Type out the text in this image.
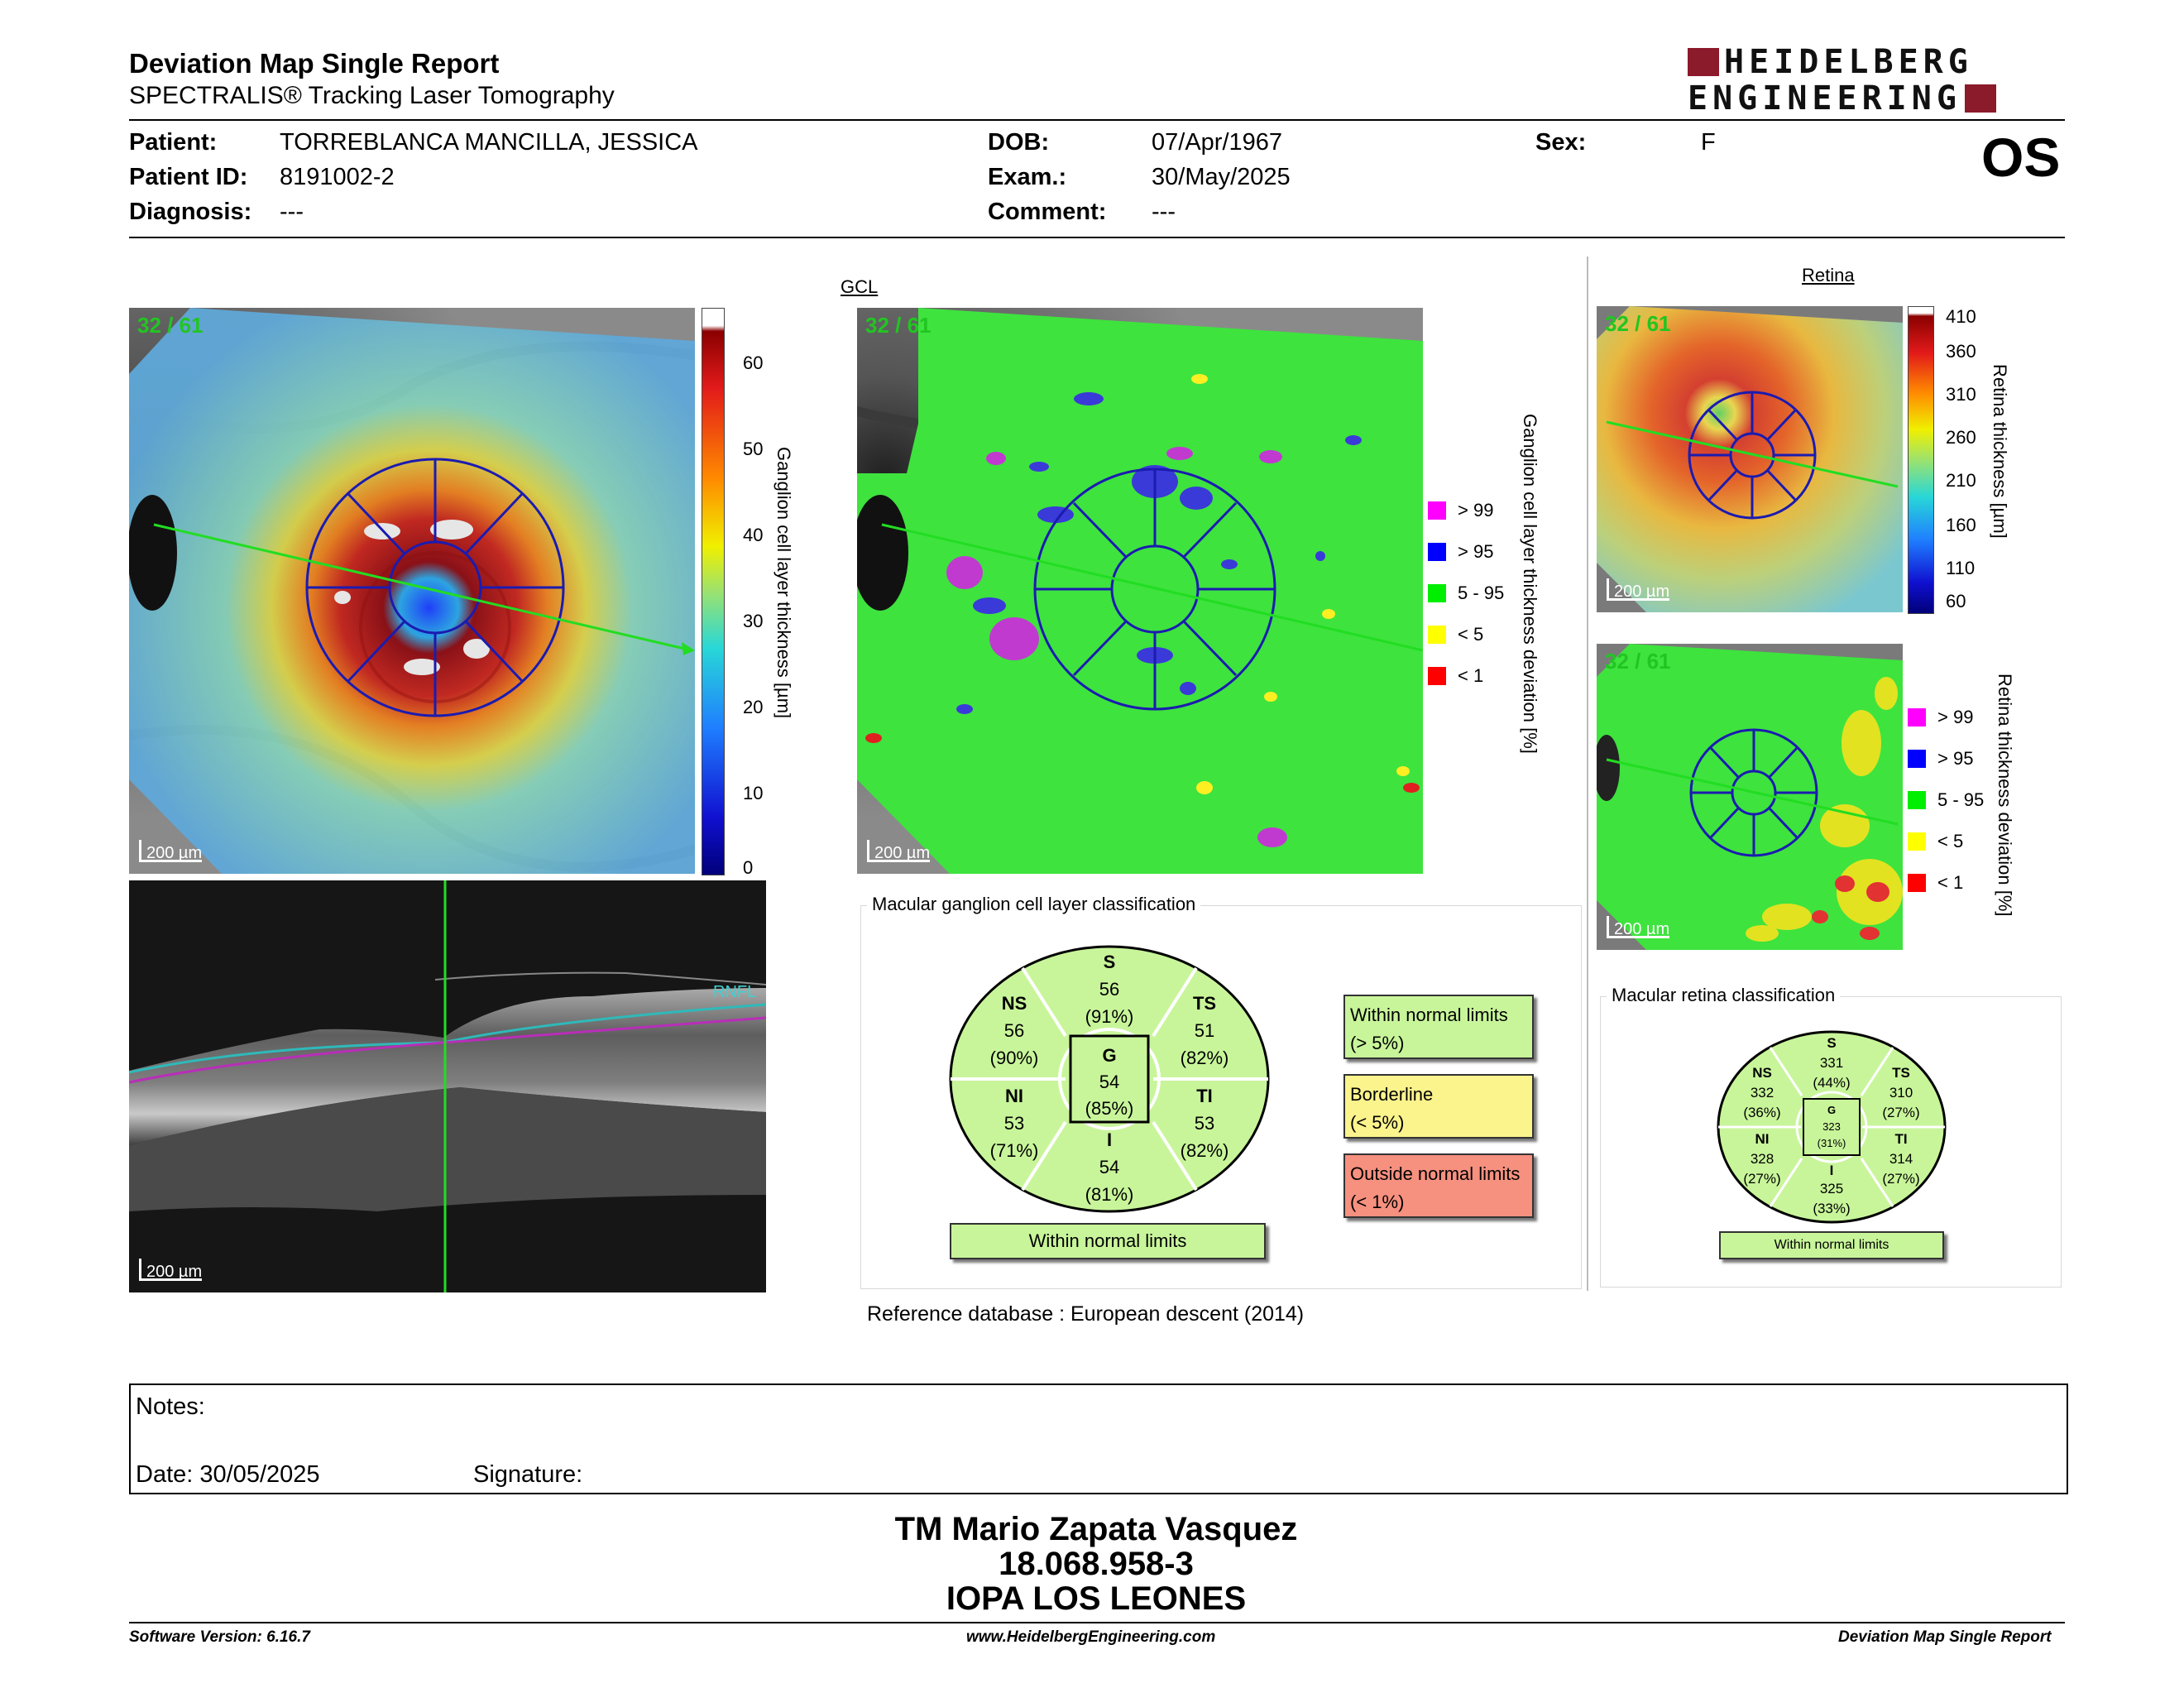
Deviation Map Single Report
SPECTRALIS® Tracking Laser Tomography
HEIDELBERG
ENGINEERING
Patient:	TORREBLANCA MANCILLA, JESSICA
Patient ID: 8191002-2
Diagnosis: ---
DOB:	07/Apr/1967
Exam.:	30/May/2025
Comment: ---
Sex:	F	OS
32 / 61
200 µm
60
50
40
30
20
10
0
Ganglion cell layer thickness [µm]
GCL
32 / 61
200 µm
> 99
> 95
5 - 95
< 5
< 1 Ganglion cell layer thickness deviation [%]
RNFL
200 µm
Macular ganglion cell layer classification
S
56
(91%)
NS
56
(90%)
TS
51
(82%)
G
54
(85%)
NI
53
(71%)
TI
53
(82%)
I
54
(81%)
Within normal limits
Within normal limits
(> 5%)
Borderline
(< 5%)
Outside normal limits
(< 1%)
Reference database : European descent (2014)
Retina
32 / 61
200 µm
410
360
310
260
210
160
110
60
Retina thickness [µm]
32 / 61
200 µm
> 99
> 95
5 - 95
< 5
< 1 Retina thickness deviation [%]
Macular retina classification
S
331
(44%)
NS
332
(36%)
TS
310
(27%)
NI
328
(27%)
TI
314
(27%)
I
325
(33%)
G
323
(31%)
Within normal limits
Notes:
Date: 30/05/2025	Signature:
TM Mario Zapata Vasquez
18.068.958-3
IOPA LOS LEONES
Software Version: 6.16.7	www.HeidelbergEngineering.com	Deviation Map Single Report
